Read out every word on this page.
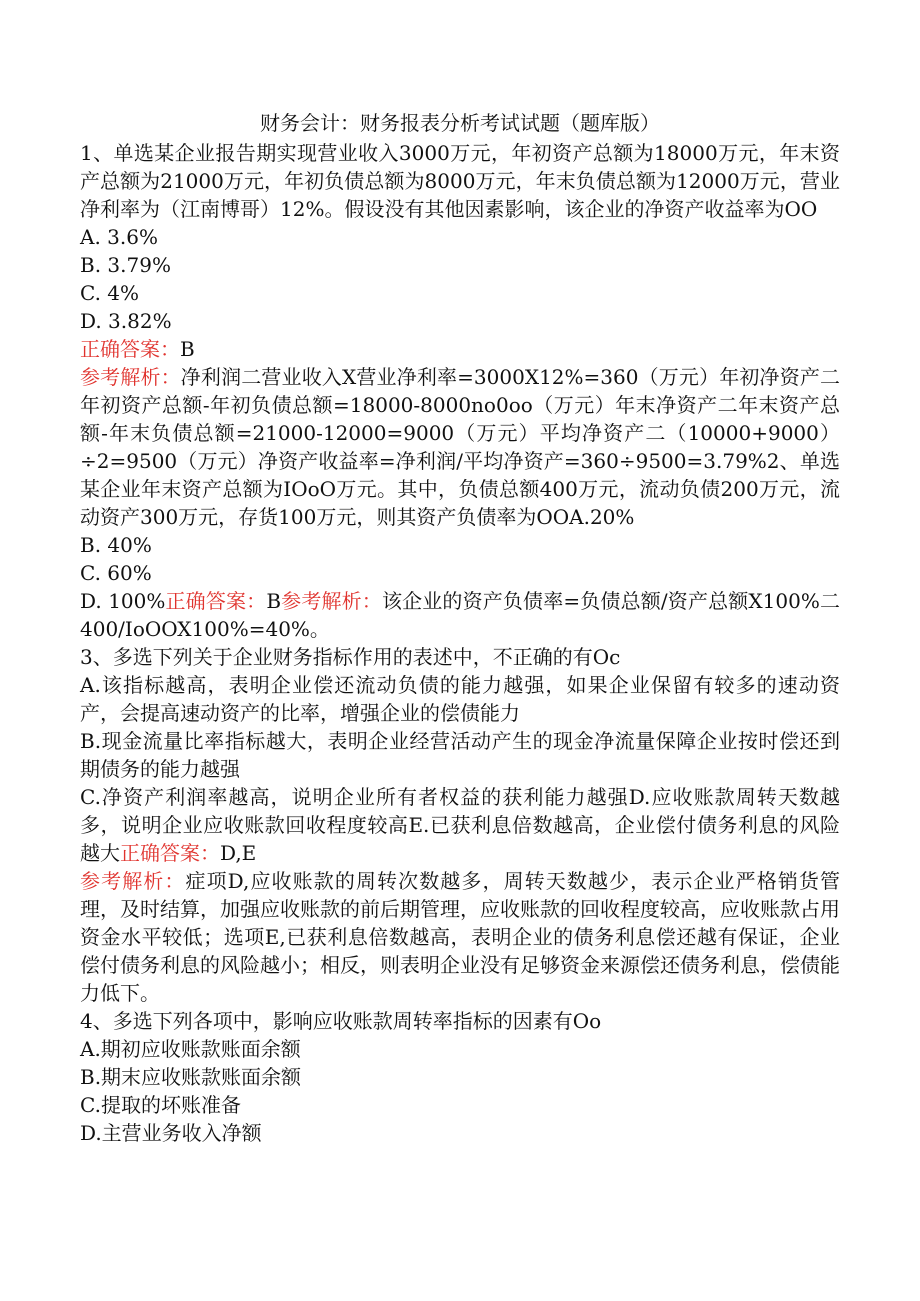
财务会计：财务报表分析考试试题（题库版）

1、单选某企业报告期实现营业收入3000万元，年初资产总额为18000万元，年末资产总额为21000万元，年初负债总额为8000万元，年末负债总额为12000万元，营业净利率为（江南博哥）12%。假设没有其他因素影响，该企业的净资产收益率为OO

A. 3.6%

B. 3.79%

C. 4%

D. 3.82%

正确答案：B

参考解析：净利润二营业收入X营业净利率=3000X12%=360（万元）年初净资产二年初资产总额-年初负债总额=18000-8000no0oo（万元）年末净资产二年末资产总额-年末负债总额=21000-12000=9000（万元）平均净资产二（10000+9000）÷2=9500（万元）净资产收益率=净利润/平均净资产=360÷9500=3.79%2、单选某企业年末资产总额为IOoO万元。其中，负债总额400万元，流动负债200万元，流动资产300万元，存货100万元，则其资产负债率为OOA.20%

B. 40%

C. 60%

D. 100%正确答案：B参考解析：该企业的资产负债率=负债总额/资产总额X100%二400/IoOOX100%=40%。

3、多选下列关于企业财务指标作用的表述中，不正确的有Oc

A.该指标越高，表明企业偿还流动负债的能力越强，如果企业保留有较多的速动资产，会提高速动资产的比率，增强企业的偿债能力

B.现金流量比率指标越大，表明企业经营活动产生的现金净流量保障企业按时偿还到期债务的能力越强

C.净资产利润率越高，说明企业所有者权益的获利能力越强D.应收账款周转天数越多，说明企业应收账款回收程度较高E.已获利息倍数越高，企业偿付债务利息的风险越大正确答案：D,E

参考解析：症项D,应收账款的周转次数越多，周转天数越少，表示企业严格销货管理，及时结算，加强应收账款的前后期管理，应收账款的回收程度较高，应收账款占用资金水平较低；选项E,已获利息倍数越高，表明企业的债务利息偿还越有保证，企业偿付债务利息的风险越小；相反，则表明企业没有足够资金来源偿还债务利息，偿债能力低下。

4、多选下列各项中，影响应收账款周转率指标的因素有Oo

A.期初应收账款账面余额

B.期末应收账款账面余额

C.提取的坏账准备

D.主营业务收入净额
